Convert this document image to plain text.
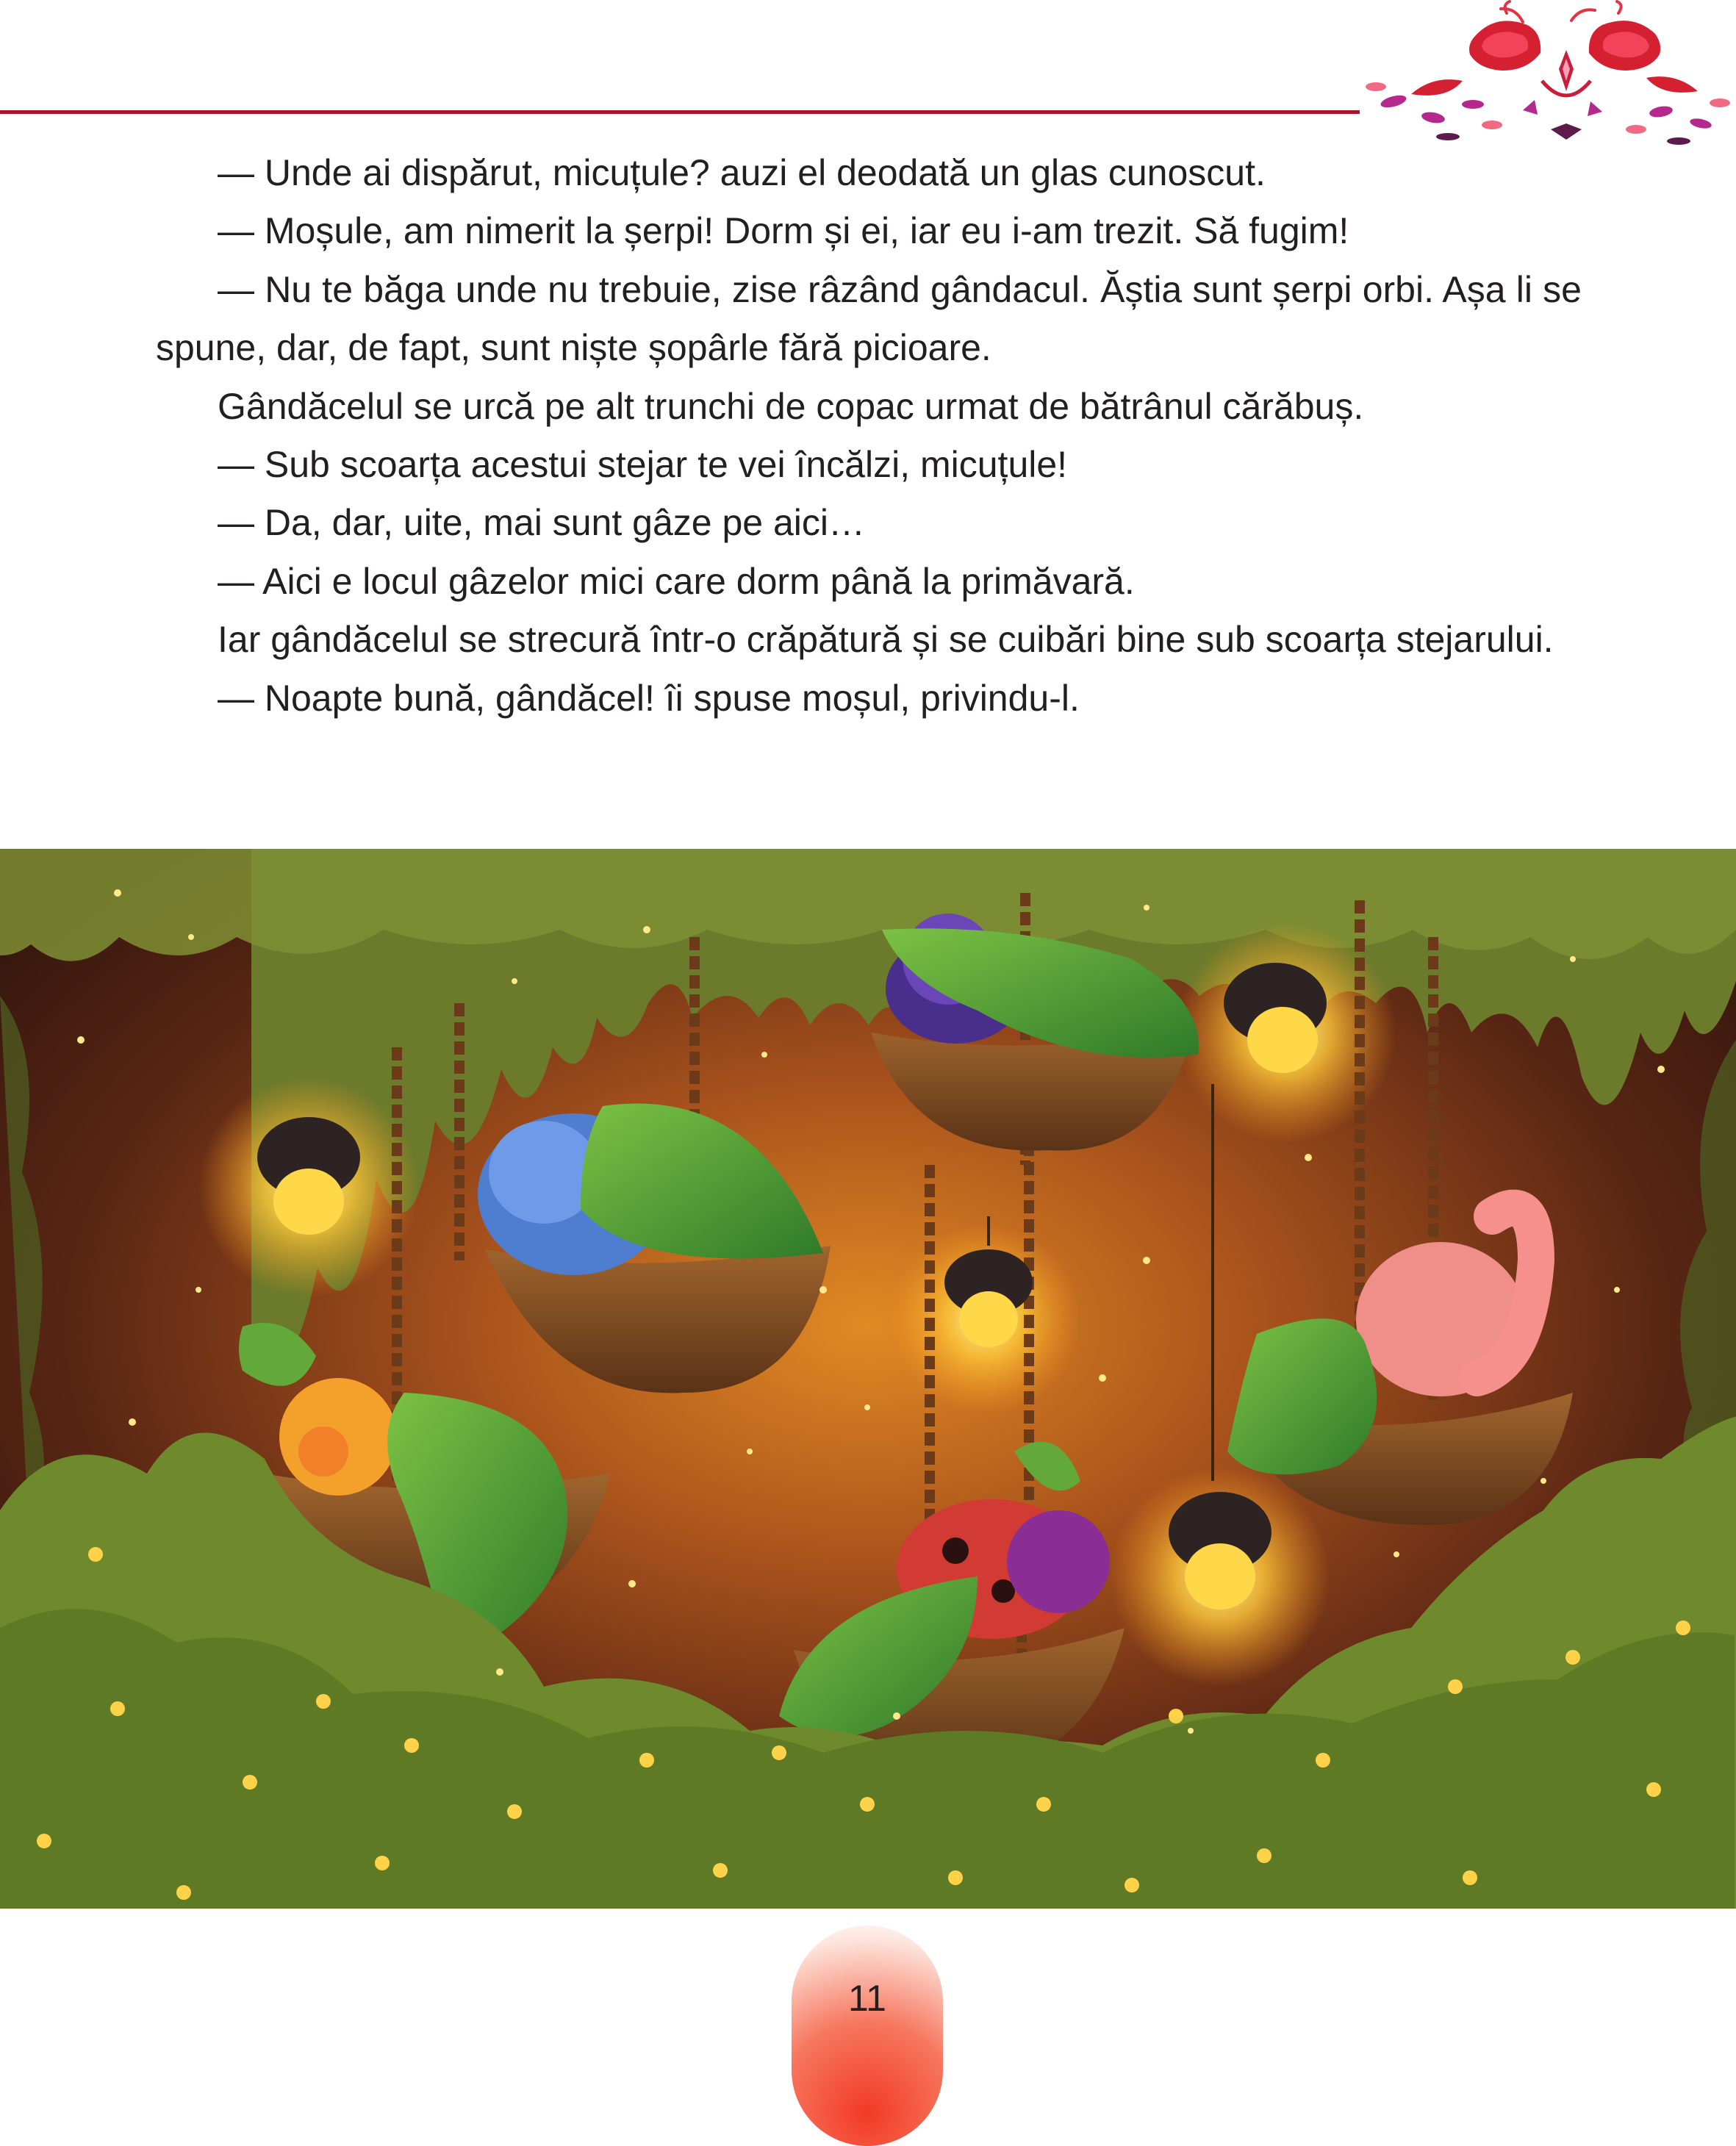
— Unde ai dispărut, micuțule? auzi el deodată un glas cunoscut.

— Moșule, am nimerit la șerpi! Dorm și ei, iar eu i-am trezit. Să fugim!

— Nu te băga unde nu trebuie, zise râzând gândacul. Ăștia sunt șerpi orbi. Așa li se spune, dar, de fapt, sunt niște șopârle fără picioare.

Gândăcelul se urcă pe alt trunchi de copac urmat de bătrânul cărăbuș.

— Sub scoarța acestui stejar te vei încălzi, micuțule!

— Da, dar, uite, mai sunt gâze pe aici…

— Aici e locul gâzelor mici care dorm până la primăvară.

Iar gândăcelul se strecură într-o crăpătură și se cuibări bine sub scoarța stejarului.

— Noapte bună, gândăcel! îi spuse moșul, privindu-l.

11
